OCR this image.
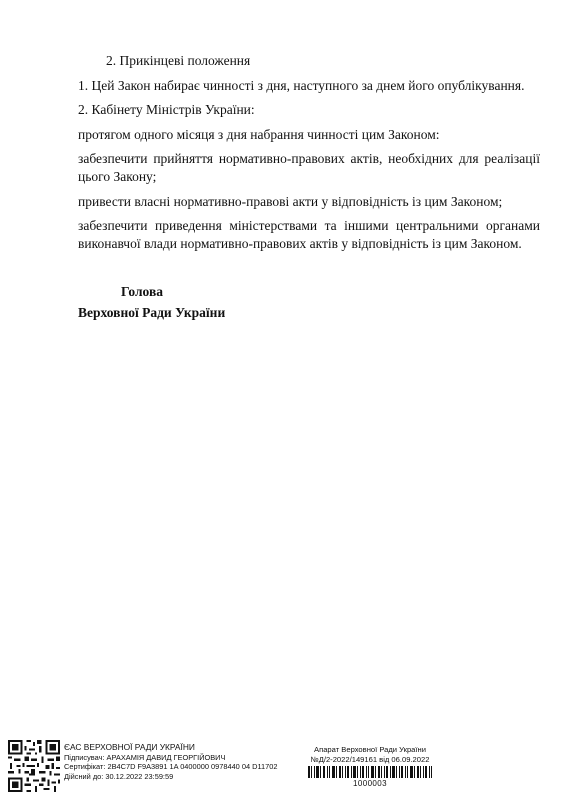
2. Прикінцеві положення

1. Цей Закон набирає чинності з дня, наступного за днем його опублікування.

2. Кабінету Міністрів України:

протягом одного місяця з дня набрання чинності цим Законом:

забезпечити прийняття нормативно-правових актів, необхідних для реалізації цього Закону;

привести власні нормативно-правові акти у відповідність із цим Законом;

забезпечити приведення міністерствами та іншими центральними органами виконавчої влади нормативно-правових актів у відповідність із цим Законом.

Голова

Верховної Ради України

ЄАС ВЕРХОВНОЇ РАДИ УКРАЇНИ
Підписувач: АРАХАМІЯ ДАВИД ГЕОРГІЙОВИЧ
Сертифікат: 2В4С7D F9A3891 1A 0400000 0978440 04 D11702
Дійсний до: 30.12.2022 23:59:59
Апарат Верховної Ради України
№Д/2-2022/149161 від 06.09.2022
1000003
